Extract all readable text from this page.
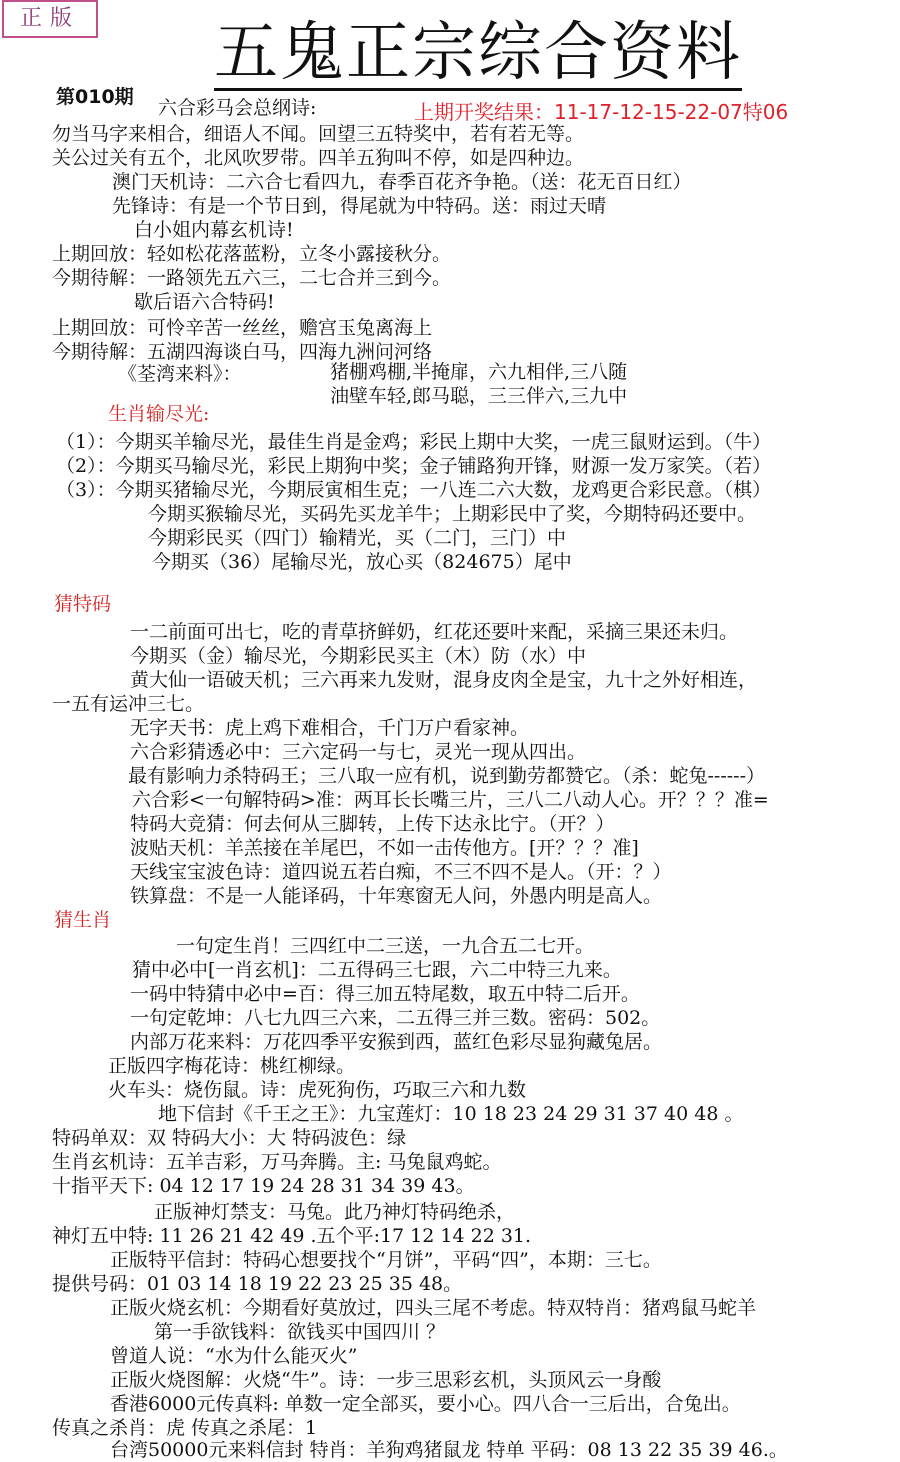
正版 五鬼正宗综合资料
第010期
上期开奖结果：11-17-12-15-22-07特06
六合彩马会总纲诗:
勿当马字来相合，细语人不闻。回望三五特奖中，若有若无等。
关公过关有五个，北风吹罗带。四羊五狗叫不停，如是四种边。
澳门天机诗：二六合七看四九，春季百花齐争艳。（送：花无百日红）
先锋诗：有是一个节日到，得尾就为中特码。送：雨过天晴
白小姐内幕玄机诗!
上期回放：轻如松花落蓝粉，立冬小露接秋分。
今期待解：一路领先五六三，二七合并三到今。
歇后语六合特码!
上期回放：可怜辛苦一丝丝，赡宫玉兔离海上
今期待解：五湖四海谈白马，四海九洲问河络
《荃湾来料》：	猪棚鸡棚,半掩扉，六九相伴,三八随
油壁车轻,郎马聪，三三伴六,三九中
生肖输尽光:
（1）：今期买羊输尽光，最佳生肖是金鸡；彩民上期中大奖，一虎三鼠财运到。（牛）
（2）：今期买马输尽光，彩民上期狗中奖；金子铺路狗开锋，财源一发万家笑。（若）
（3）：今期买猪输尽光，今期辰寅相生克；一八连二六大数，龙鸡更合彩民意。（棋）
今期买猴输尽光，买码先买龙羊牛；上期彩民中了奖，今期特码还要中。
今期彩民买（四门）输精光，买（二门，三门）中
今期买（36）尾输尽光，放心买（824675）尾中
猜特码
一二前面可出七，吃的青草挤鲜奶，红花还要叶来配，采摘三果还未归。
今期买（金）输尽光，今期彩民买主（木）防（水）中
黄大仙一语破天机；三六再来九发财，混身皮肉全是宝，九十之外好相连，
一五有运冲三七。
无字天书：虎上鸡下难相合，千门万户看家神。
六合彩猜透必中：三六定码一与七，灵光一现从四出。
最有影响力杀特码王；三八取一应有机，说到勤劳都赞它。（杀：蛇兔------）
六合彩<一句解特码>准：两耳长长嘴三片，三八二八动人心。开？？？准=
特码大竞猜：何去何从三脚转，上传下达永比宁。（开？）
波贴天机：羊羔接在羊尾巴，不如一击传他方。[开？？？准]
天线宝宝波色诗：道四说五若白痴，不三不四不是人。（开：？）
铁算盘：不是一人能译码，十年寒窗无人问，外愚内明是高人。
猜生肖
一句定生肖！三四红中二三送，一九合五二七开。
猜中必中[一肖玄机]：二五得码三七跟，六二中特三九来。
一码中特猜中必中=百：得三加五特尾数，取五中特二后开。
一句定乾坤：八七九四三六来，二五得三并三数。密码：502。
内部万花来料：万花四季平安猴到西，蓝红色彩尽显狗藏兔居。
正版四字梅花诗：桃红柳绿。
火车头：烧伤鼠。诗：虎死狗伤，巧取三六和九数
地下信封《千王之王》：九宝莲灯：10 18 23 24 29 31 37 40 48 。
特码单双：双 特码大小：大 特码波色：绿
生肖玄机诗：五羊吉彩，万马奔腾。主: 马兔鼠鸡蛇。
十指平天下: 04 12 17 19 24 28 31 34 39 43。
正版神灯禁支：马兔。此乃神灯特码绝杀，
神灯五中特: 11 26 21 42 49 .五个平:17 12 14 22 31.
正版特平信封：特码心想要找个“月饼”，平码“四”，本期：三七。
提供号码：01 03 14 18 19 22 23 25 35 48。
正版火烧玄机：今期看好莫放过，四头三尾不考虑。特双特肖：猪鸡鼠马蛇羊
第一手欲钱料：欲钱买中国四川 ？
曾道人说：“水为什么能灭火”
正版火烧图解：火烧“牛”。诗：一步三思彩玄机，头顶风云一身酸
香港6000元传真料: 单数一定全部买，要小心。四八合一三后出，合兔出。
传真之杀肖：虎 传真之杀尾：1
台湾50000元来料信封 特肖：羊狗鸡猪鼠龙 特单 平码：08 13 22 35 39 46.。
